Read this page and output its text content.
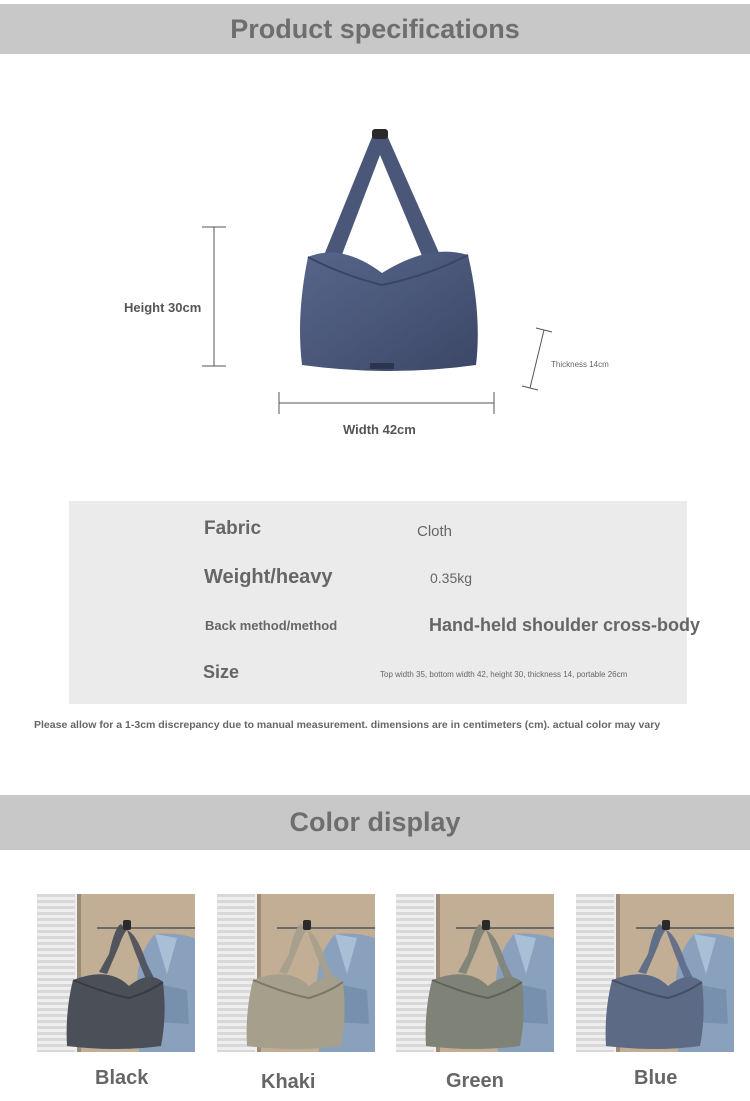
Product specifications
Height 30cm
Width 42cm
Thickness 14cm
Fabric	Cloth
Weight/heavy	0.35kg
Back method/method	Hand-held shoulder cross-body
Size	Top width 35, bottom width 42, height 30, thickness 14, portable 26cm
Please allow for a 1-3cm discrepancy due to manual measurement. dimensions are in centimeters (cm). actual color may vary
Color display
Black	Khaki	Green	Blue
